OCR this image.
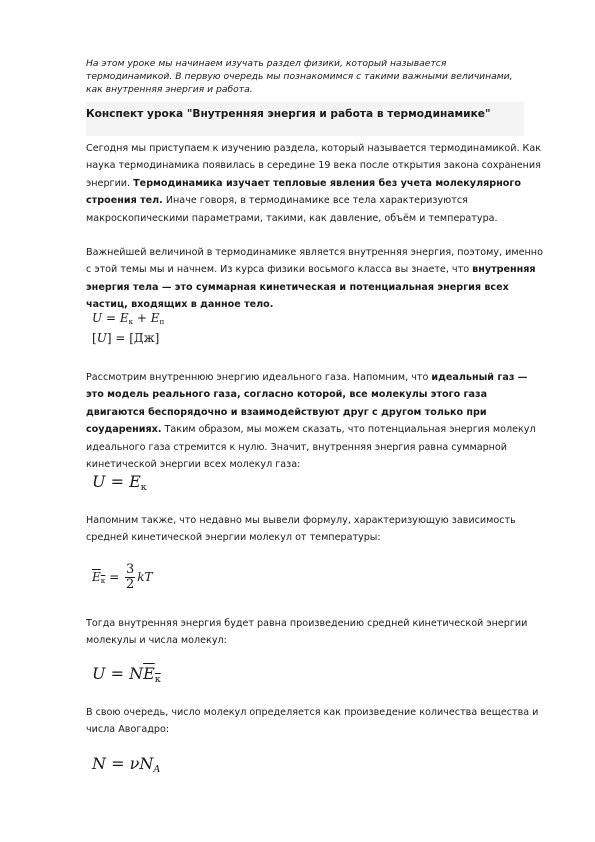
На этом уроке мы начинаем изучать раздел физики, который называется термодинамикой. В первую очередь мы познакомимся с такими важными величинами, как внутренняя энергия и работа.
Конспект урока "Внутренняя энергия и работа в термодинамике"
Сегодня мы приступаем к изучению раздела, который называется термодинамикой. Как наука термодинамика появилась в середине 19 века после открытия закона сохранения энергии. Термодинамика изучает тепловые явления без учета молекулярного строения тел. Иначе говоря, в термодинамике все тела характеризуются макроскопическими параметрами, такими, как давление, объём и температура.
Важнейшей величиной в термодинамике является внутренняя энергия, поэтому, именно с этой темы мы и начнем. Из курса физики восьмого класса вы знаете, что внутренняя энергия тела — это суммарная кинетическая и потенциальная энергия всех частиц, входящих в данное тело.
$U = E_к + E_п$
[U] = [Дж]
Рассмотрим внутреннюю энергию идеального газа. Напомним, что идеальный газ — это модель реального газа, согласно которой, все молекулы этого газа двигаются беспорядочно и взаимодействуют друг с другом только при соударениях. Таким образом, мы можем сказать, что потенциальная энергия молекул идеального газа стремится к нулю. Значит, внутренняя энергия равна суммарной кинетической энергии всех молекул газа:
$U = E_к$
Напомним также, что недавно мы вывели формулу, характеризующую зависимость средней кинетической энергии молекул от температуры:
$E_к = \frac{3}{2}$ kT
Тогда внутренняя энергия будет равна произведению средней кинетической энергии молекулы и числа молекул:
$U = NE_к$
В свою очередь, число молекул определяется как произведение количества вещества и числа Авогадро:
N = νNA
